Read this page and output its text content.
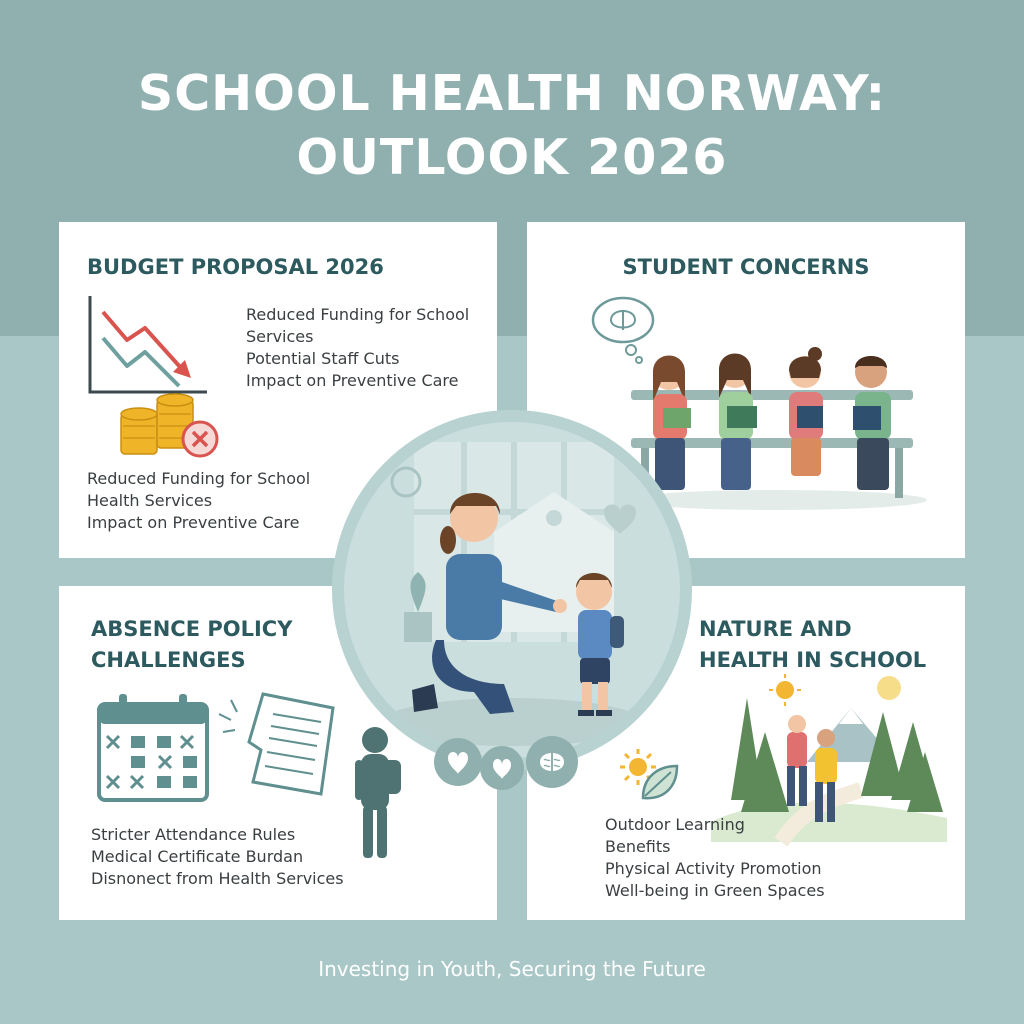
SCHOOL HEALTH NORWAY:
OUTLOOK 2026
BUDGET PROPOSAL 2026
Reduced Funding for School
Services
Potential Staff Cuts
Impact on Preventive Care
Reduced Funding for School
Health Services
Impact on Preventive Care
STUDENT CONCERNS
ABSENCE POLICY
CHALLENGES
Stricter Attendance Rules
Medical Certificate Burdan
Disnonect from Health Services
NATURE AND
HEALTH IN SCHOOL
Outdoor Learning
Benefits
Physical Activity Promotion
Well-being in Green Spaces
Investing in Youth, Securing the Future
